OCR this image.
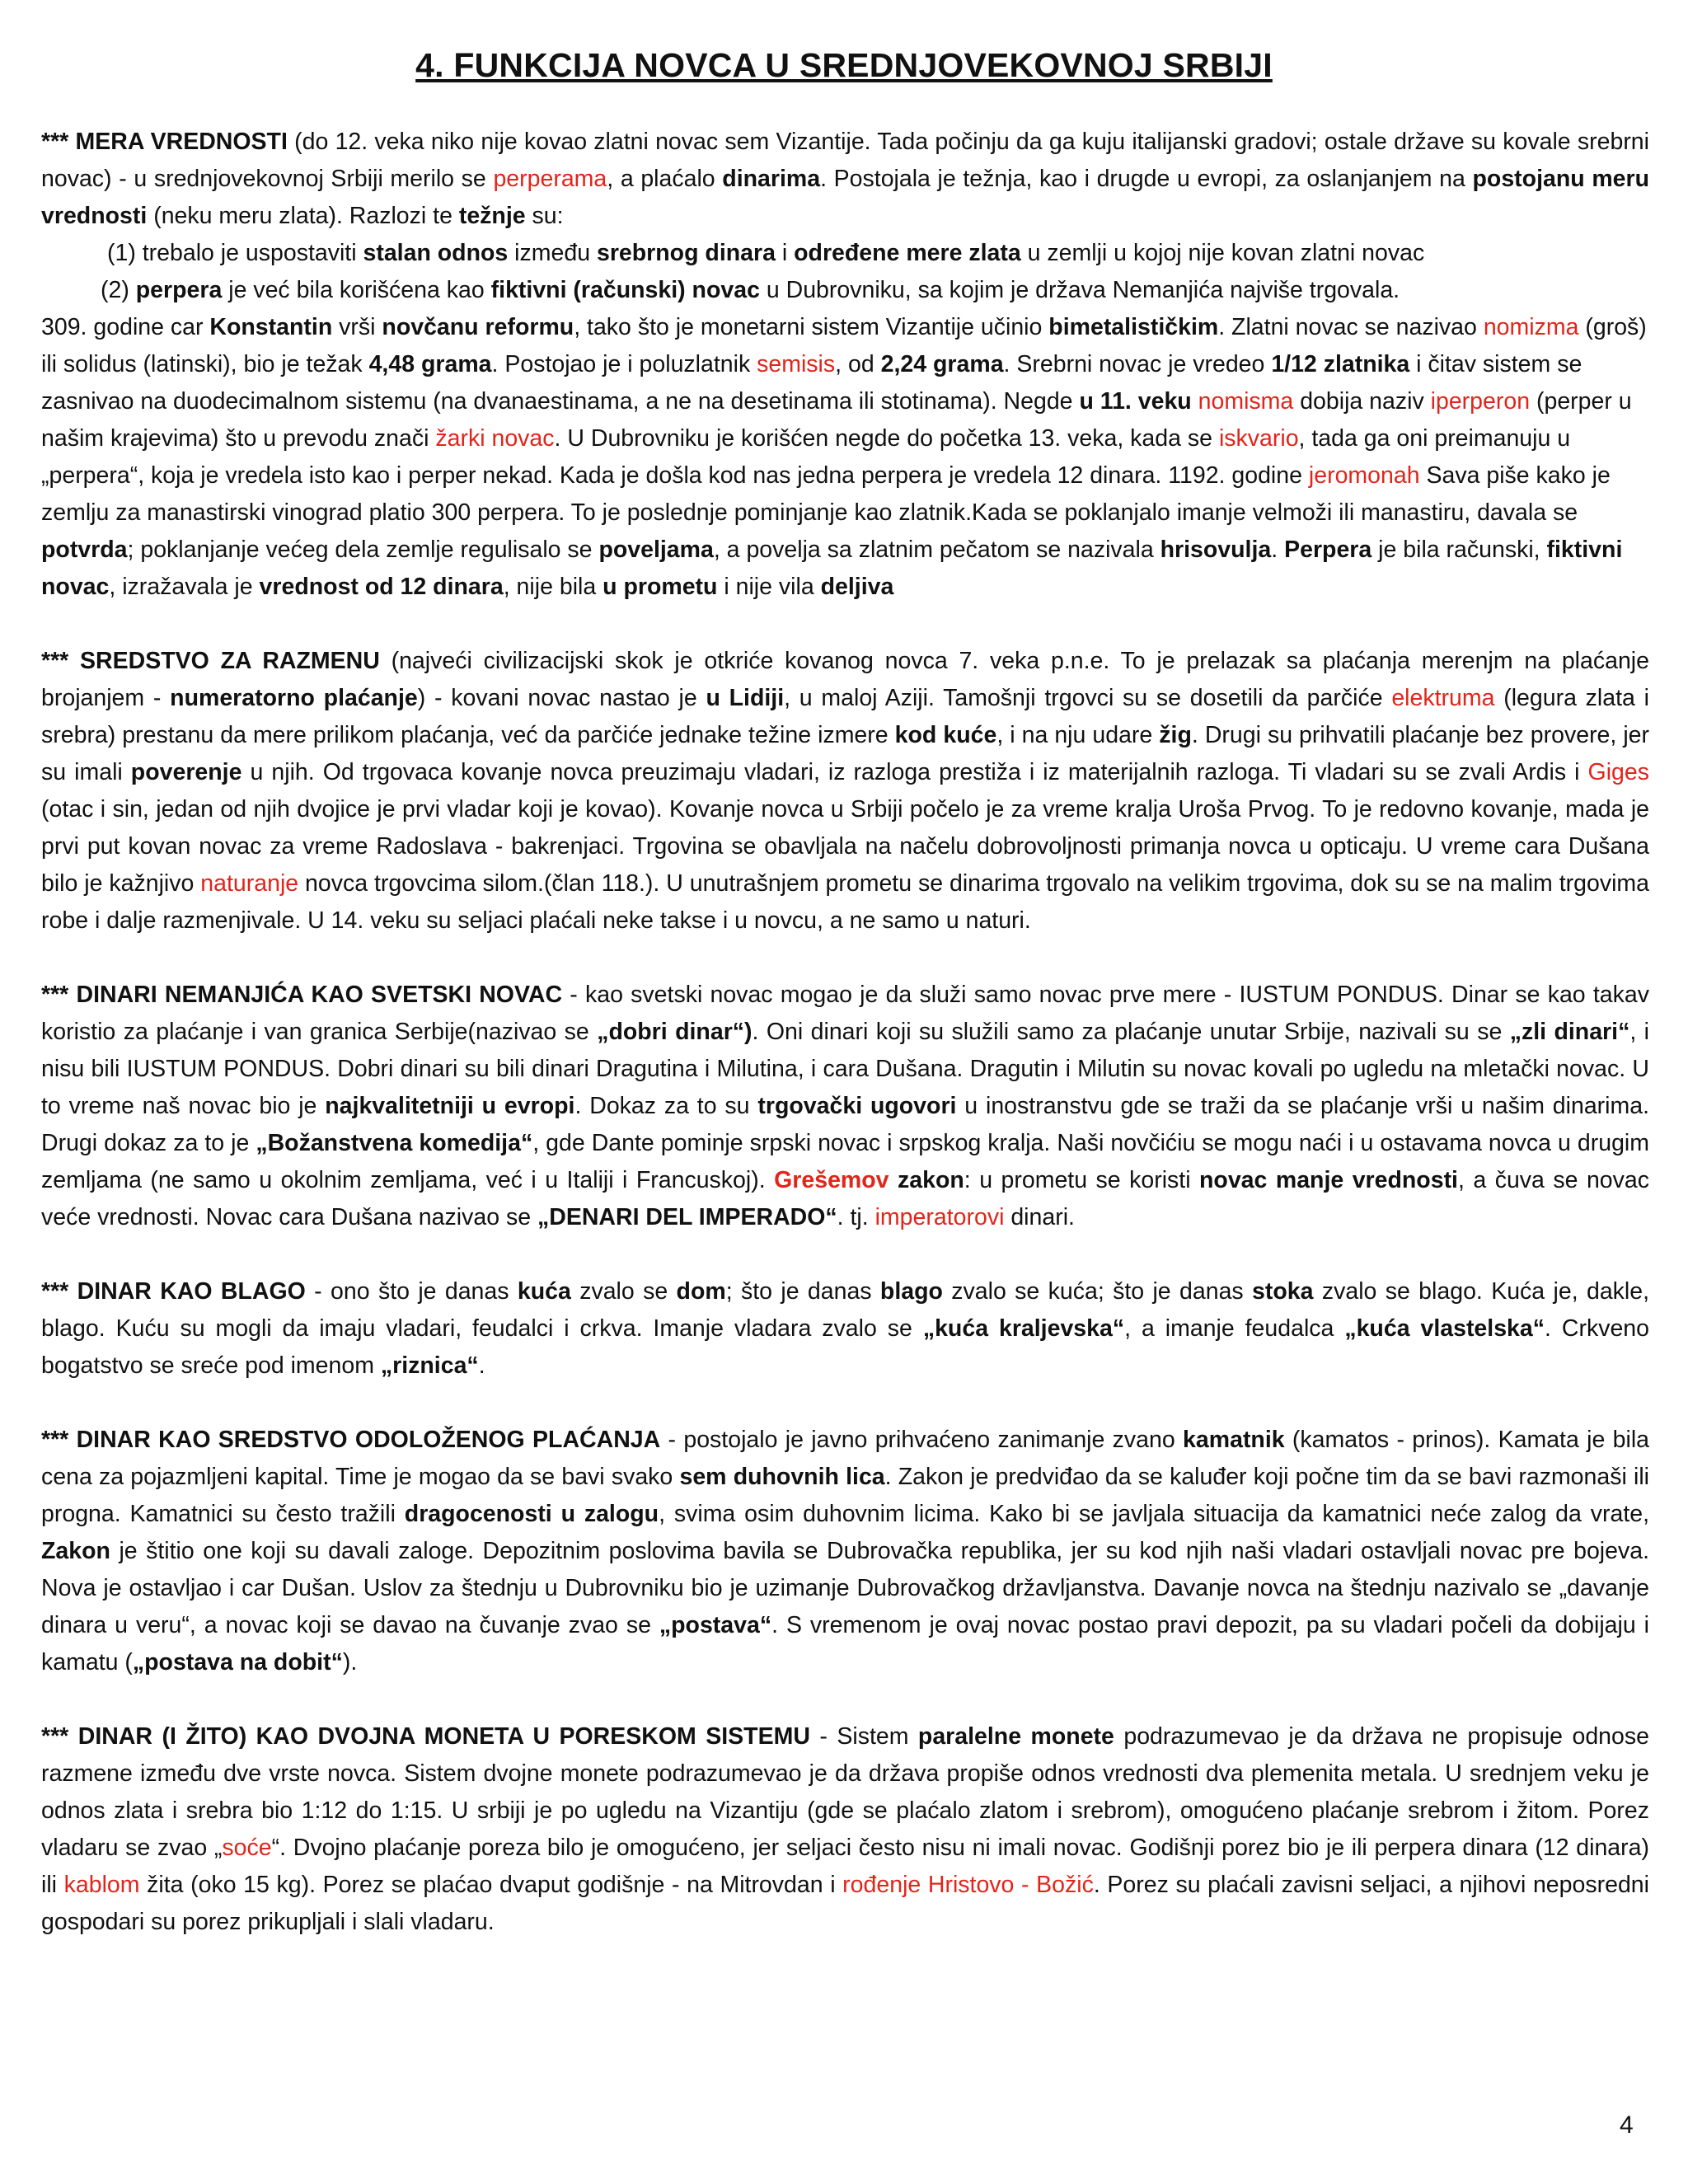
4. FUNKCIJA NOVCA U SREDNJOVEKOVNOJ SRBIJI
*** MERA VREDNOSTI (do 12. veka niko nije kovao zlatni novac sem Vizantije. Tada počinju da ga kuju italijanski gradovi; ostale države su kovale srebrni novac) - u srednjovekovnoj Srbiji merilo se perperama, a plaćalo dinarima. Postojala je težnja, kao i drugde u evropi, za oslanjanjem na postojanu meru vrednosti (neku meru zlata). Razlozi te težnje su:
(1) trebalo je uspostaviti stalan odnos između srebrnog dinara i određene mere zlata u zemlji u kojoj nije kovan zlatni novac
(2) perpera je već bila korišćena kao fiktivni (računski) novac u Dubrovniku, sa kojim je država Nemanjića najviše trgovala.
309. godine car Konstantin vrši novčanu reformu, tako što je monetarni sistem Vizantije učinio bimetalističkim. Zlatni novac se nazivao nomizma (groš) ili solidus (latinski), bio je težak 4,48 grama. Postojao je i poluzlatnik semisis, od 2,24 grama. Srebrni novac je vredeo 1/12 zlatnika i čitav sistem se zasnivao na duodecimalnom sistemu (na dvanaestinama, a ne na desetinama ili stotinama). Negde u 11. veku nomisma dobija naziv iperperon (perper u našim krajevima) što u prevodu znači žarki novac. U Dubrovniku je korišćen negde do početka 13. veka, kada se iskvario, tada ga oni preimanuju u „perpera“, koja je vredela isto kao i perper nekad. Kada je došla kod nas jedna perpera je vredela 12 dinara. 1192. godine jeromonah Sava piše kako je zemlju za manastirski vinograd platio 300 perpera. To je poslednje pominjanje kao zlatnik.Kada se poklanjalo imanje velmoži ili manastiru, davala se potvrda; poklanjanje većeg dela zemlje regulisalo se poveljama, a povelja sa zlatnim pečatom se nazivala hrisovulja. Perpera je bila računski, fiktivni novac, izražavala je vrednost od 12 dinara, nije bila u prometu i nije vila deljiva
*** SREDSTVO ZA RAZMENU (najveći civilizacijski skok je otkriće kovanog novca 7. veka p.n.e. To je prelazak sa plaćanja merenjm na plaćanje brojanjem - numeratorno plaćanje) - kovani novac nastao je u Lidiji, u maloj Aziji. Tamošnji trgovci su se dosetili da parčiće elektruma (legura zlata i srebra) prestanu da mere prilikom plaćanja, već da parčiće jednake težine izmere kod kuće, i na nju udare žig. Drugi su prihvatili plaćanje bez provere, jer su imali poverenje u njih. Od trgovaca kovanje novca preuzimaju vladari, iz razloga prestiža i iz materijalnih razloga. Ti vladari su se zvali Ardis i Giges (otac i sin, jedan od njih dvojice je prvi vladar koji je kovao). Kovanje novca u Srbiji počelo je za vreme kralja Uroša Prvog. To je redovno kovanje, mada je prvi put kovan novac za vreme Radoslava - bakrenjaci. Trgovina se obavljala na načelu dobrovoljnosti primanja novca u opticaju. U vreme cara Dušana bilo je kažnjivo naturanje novca trgovcima silom.(član 118.). U unutrašnjem prometu se dinarima trgovalo na velikim trgovima, dok su se na malim trgovima robe i dalje razmenjivale. U 14. veku su seljaci plaćali neke takse i u novcu, a ne samo u naturi.
*** DINARI NEMANJIĆA KAO SVETSKI NOVAC - kao svetski novac mogao je da služi samo novac prve mere - IUSTUM PONDUS. Dinar se kao takav koristio za plaćanje i van granica Serbije(nazivao se „dobri dinar“). Oni dinari koji su služili samo za plaćanje unutar Srbije, nazivali su se „zli dinari“, i nisu bili IUSTUM PONDUS. Dobri dinari su bili dinari Dragutina i Milutina, i cara Dušana. Dragutin i Milutin su novac kovali po ugledu na mletački novac. U to vreme naš novac bio je najkvalitetniji u evropi. Dokaz za to su trgovački ugovori u inostranstvu gde se traži da se plaćanje vrši u našim dinarima. Drugi dokaz za to je „Božanstvena komedija“, gde Dante pominje srpski novac i srpskog kralja. Naši novčićiu se mogu naći i u ostavama novca u drugim zemljama (ne samo u okolnim zemljama, već i u Italiji i Francuskoj). Grešemov zakon: u prometu se koristi novac manje vrednosti, a čuva se novac veće vrednosti. Novac cara Dušana nazivao se „DENARI DEL IMPERADO“. tj. imperatorovi dinari.
*** DINAR KAO BLAGO - ono što je danas kuća zvalo se dom; što je danas blago zvalo se kuća; što je danas stoka zvalo se blago. Kuća je, dakle, blago. Kuću su mogli da imaju vladari, feudalci i crkva. Imanje vladara zvalo se „kuća kraljevska“, a imanje feudalca „kuća vlastelska“. Crkveno bogatstvo se sreće pod imenom „riznica“.
*** DINAR KAO SREDSTVO ODOLOŽENOG PLAĆANJA - postojalo je javno prihvaćeno zanimanje zvano kamatnik (kamatos - prinos). Kamata je bila cena za pojazmljeni kapital. Time je mogao da se bavi svako sem duhovnih lica. Zakon je predviđao da se kaluđer koji počne tim da se bavi razmonaši ili progna. Kamatnici su često tražili dragocenosti u zalogu, svima osim duhovnim licima. Kako bi se javljala situacija da kamatnici neće zalog da vrate, Zakon je štitio one koji su davali zaloge. Depozitnim poslovima bavila se Dubrovačka republika, jer su kod njih naši vladari ostavljali novac pre bojeva. Nova je ostavljao i car Dušan. Uslov za štednju u Dubrovniku bio je uzimanje Dubrovačkog državljanstva. Davanje novca na štednju nazivalo se „davanje dinara u veru“, a novac koji se davao na čuvanje zvao se „postava“. S vremenom je ovaj novac postao pravi depozit, pa su vladari počeli da dobijaju i kamatu („postava na dobit“).
*** DINAR (I ŽITO) KAO DVOJNA MONETA U PORESKOM SISTEMU - Sistem paralelne monete podrazumevao je da država ne propisuje odnose razmene između dve vrste novca. Sistem dvojne monete podrazumevao je da država propiše odnos vrednosti dva plemenita metala. U srednjem veku je odnos zlata i srebra bio 1:12 do 1:15. U srbiji je po ugledu na Vizantiju (gde se plaćalo zlatom i srebrom), omogućeno plaćanje srebrom i žitom. Porez vladaru se zvao „soće“. Dvojno plaćanje poreza bilo je omogućeno, jer seljaci često nisu ni imali novac. Godišnji porez bio je ili perpera dinara (12 dinara) ili kablom žita (oko 15 kg). Porez se plaćao dvaput godišnje - na Mitrovdan i rođenje Hristovo - Božić. Porez su plaćali zavisni seljaci, a njihovi neposredni gospodari su porez prikupljali i slali vladaru.
4
